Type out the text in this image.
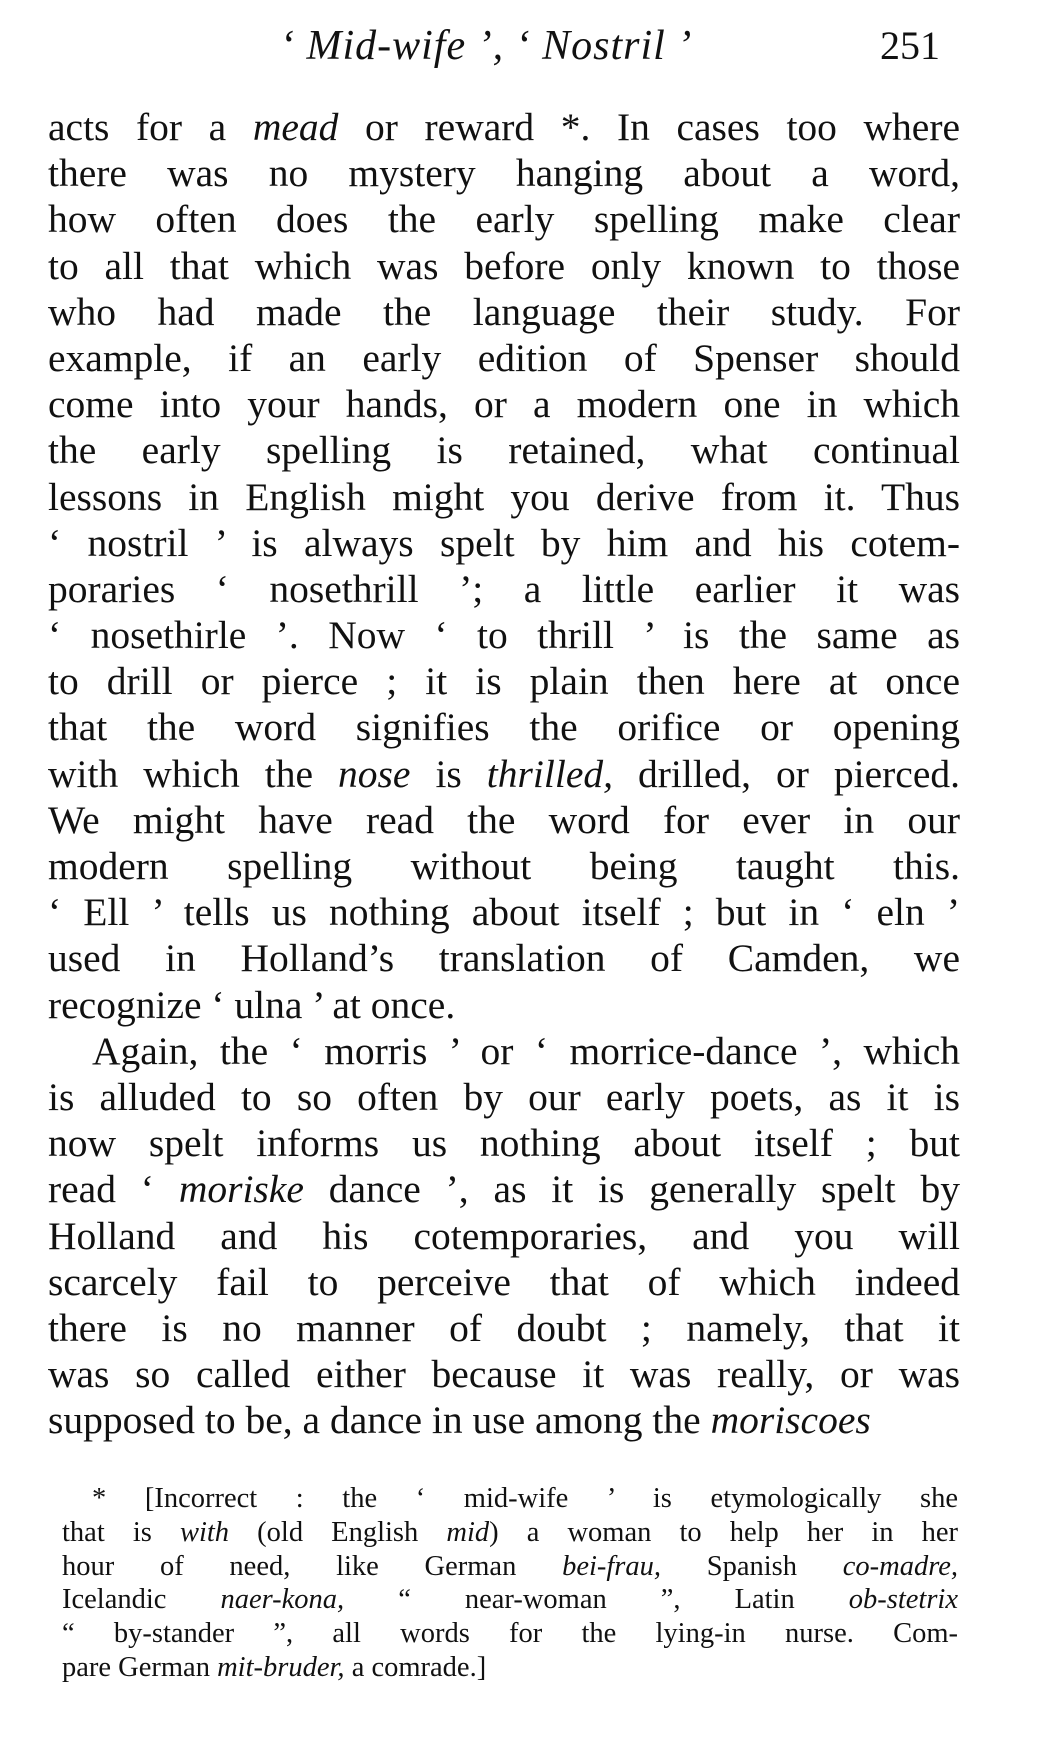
‘ Mid-wife ’, ‘ Nostril ’	251
acts for a mead or reward *. In cases too where
there was no mystery hanging about a word,
how often does the early spelling make clear
to all that which was before only known to those
who had made the language their study. For
example, if an early edition of Spenser should
come into your hands, or a modern one in which
the early spelling is retained, what continual
lessons in English might you derive from it. Thus
‘ nostril ’ is always spelt by him and his cotem-
poraries ‘ nosethrill ’; a little earlier it was
‘ nosethirle ’. Now ‘ to thrill ’ is the same as
to drill or pierce ; it is plain then here at once
that the word signifies the orifice or opening
with which the nose is thrilled, drilled, or pierced.
We might have read the word for ever in our
modern spelling without being taught this.
‘ Ell ’ tells us nothing about itself ; but in ‘ eln ’
used in Holland’s translation of Camden, we
recognize ‘ ulna ’ at once.
Again, the ‘ morris ’ or ‘ morrice-dance ’, which
is alluded to so often by our early poets, as it is
now spelt informs us nothing about itself ; but
read ‘ moriske dance ’, as it is generally spelt by
Holland and his cotemporaries, and you will
scarcely fail to perceive that of which indeed
there is no manner of doubt ; namely, that it
was so called either because it was really, or was
supposed to be, a dance in use among the moriscoes
* [Incorrect : the ‘ mid-wife ’ is etymologically she
that is with (old English mid) a woman to help her in her
hour of need, like German bei-frau, Spanish co-madre,
Icelandic naer-kona, “ near-woman ”, Latin ob-stetrix
“ by-stander ”, all words for the lying-in nurse. Com-
pare German mit-bruder, a comrade.]
